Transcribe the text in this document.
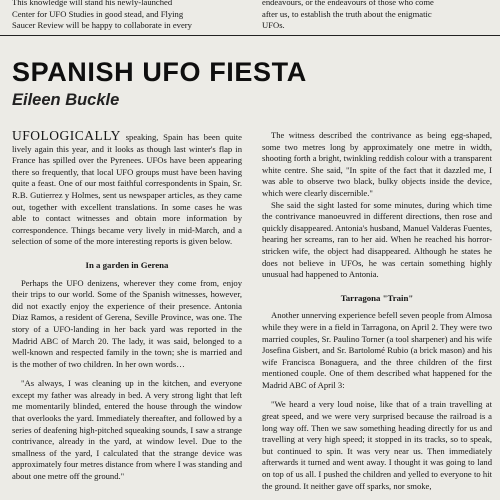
This knowledge will stand his newly-launched

Center for UFO Studies in good stead, and Flying

Saucer Review will be happy to collaborate in every

endeavours, or the endeavours of those who come

after us, to establish the truth about the enigmatic

UFOs.

SPANISH UFO FIESTA
Eileen Buckle

UFOLOGICALLY speaking, Spain has been quite lively again this year, and it looks as though last winter's flap in France has spilled over the Pyrenees. UFOs have been appearing there so frequently, that local UFO groups must have been having quite a feast. One of our most faithful correspondents in Spain, Sr. R.B. Gutierrez y Holmes, sent us newspaper articles, as they came out, together with excellent translations. In some cases he was able to contact witnesses and obtain more information by correspondence. Things became very lively in mid-March, and a selection of some of the more interesting reports is given below.

In a garden in Gerena

Perhaps the UFO denizens, wherever they come from, enjoy their trips to our world. Some of the Spanish witnesses, however, did not exactly enjoy the experience of their presence. Antonia Diaz Ramos, a resident of Gerena, Seville Province, was one. The story of a UFO-landing in her back yard was reported in the Madrid ABC of March 20. The lady, it was said, belonged to a well-known and respected family in the town; she is married and is the mother of two children. In her own words…

"As always, I was cleaning up in the kitchen, and everyone except my father was already in bed. A very strong light that left me momentarily blinded, entered the house through the window that overlooks the yard. Immediately thereafter, and followed by a series of deafening high-pitched squeaking sounds, I saw a strange contrivance, already in the yard, at window level. Due to the smallness of the yard, I calculated that the strange device was approximately four metres distance from where I was standing and about one metre off the ground."

The witness described the contrivance as being egg-shaped, some two metres long by approximately one metre in width, shooting forth a bright, twinkling reddish colour with a transparent white centre. She said, "In spite of the fact that it dazzled me, I was able to observe two black, bulky objects inside the device, which were clearly discernible."

She said the sight lasted for some minutes, during which time the contrivance manoeuvred in different directions, then rose and quickly disappeared. Antonia's husband, Manuel Valderas Fuentes, hearing her screams, ran to her aid. When he reached his horror-stricken wife, the object had disappeared. Although he states he does not believe in UFOs, he was certain something highly unusual had happened to Antonia.

Tarragona "Train"

Another unnerving experience befell seven people from Almosa while they were in a field in Tarragona, on April 2. They were two married couples, Sr. Paulino Torner (a tool sharpener) and his wife Josefina Gisbert, and Sr. Bartolomé Rubio (a brick mason) and his wife Francisca Bonaguera, and the three children of the first mentioned couple. One of them described what happened for the Madrid ABC of April 3:

"We heard a very loud noise, like that of a train travelling at great speed, and we were very surprised because the railroad is a long way off. Then we saw something heading directly for us and travelling at very high speed; it stopped in its tracks, so to speak, but continued to spin. It was very near us. Then immediately afterwards it turned and went away. I thought it was going to land on top of us all. I pushed the children and yelled to everyone to hit the ground. It neither gave off sparks, nor smoke,
